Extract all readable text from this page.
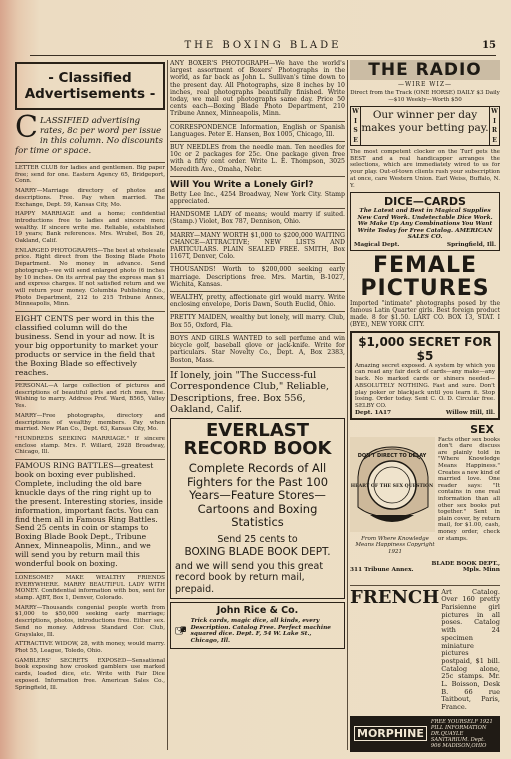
THE BOXING BLADE	15
- Classified Advertisements -
C LASSIFIED advertising rates, 8c per word per issue in this column. No discounts for time or space.
LETTER CLUB for ladies and gentlemen. Big paper free; send for one. Eastern Agency 65, Bridgeport, Conn.
MARRY—Marriage directory of photos and descriptions. Free. Pay when married. The Exchange, Dept. 59, Kansas City, Mo.
HAPPY MARRIAGE and a home; confidential introductions free to ladies and sincere men; wealthy. If sincere write me. Reliable, established 19 years; Bank references. Mrs. Wrubel, Box 26, Oakland, Calif.
ENLARGED PHOTOGRAPHS—The best at wholesale price. Right direct from the Boxing Blade Photo Department. No money in advance. Send photograph—we will send enlarged photo (6 inches by 10 inches. On its arrival pay the express man $1 and express charges. If not satisfied return and we will return your money. Columbia Publishing Co., Photo Department, 212 to 215 Tribune Annex, Minneapolis, Minn.
EIGHT CENTS per word in this the classified column will do the business. Send in your ad now. It is your big opportunity to market your products or service in the field that the Boxing Blade so effectively reaches.
PERSONAL—A large collection of pictures and descriptions of beautiful girls and rich men, free. Wishing to marry. Address Prof. Ward, B565, Valley Yes.
MARRY—Free photographs, directory and descriptions of wealthy members. Pay when married. New Plan Co., Dept. 63, Kansas City, Mo.
"HUNDREDS SEEKING MARRIAGE." If sincere enclose stamp. Mrs. F. Willard, 2928 Broadway, Chicago, Ill.
FAMOUS RING BATTLES—greatest book on boxing ever published. Complete, including the old bare knuckle days of the ring right up to the present. Interesting stories, inside information, important facts. You can find them all in Famous Ring Battles. Send 25 cents in coin or stamps to Boxing Blade Book Dept., Tribune Annex, Minneapolis, Minn., and we will send you by return mail this wonderful book on boxing.
LONESOME? MAKE WEALTHY FRIENDS EVERYWHERE. MARRY BEAUTIFUL LADY WITH MONEY. Confidential information with box, sent for stamp. AJBT, Box 1, Denver, Colorado.
MARRY—Thousands congenial people worth from $1,000 to $50,000 seeking early marriage; descriptions, photos, introductions free. Either sex. Send no money. Address Standard Cor. Club, Grayslake, Ill.
ATTRACTIVE WIDOW, 28, with money, would marry. Phot 55, League, Toledo, Ohio.
GAMBLERS' SECRETS EXPOSED—Sensational book exposing how crooked gamblers use marked cards, loaded dice, etc. Write with Fair Dice exposed. Information free. American Sales Co., Springfield, Ill.
ANY BOXER'S PHOTOGRAPH—We have the world's largest assortment of Boxers' Photographs in the world, as far back as John L. Sullivan's time down to the present day. All Photographs, size 8 inches by 10 inches, real photographs beautifully finished. Write today, we mail out photographs same day. Price 50 cents each—Boxing Blade Photo Department, 210 Tribune Annex, Minneapolis, Minn.
CORRESPONDENCE Information, English or Spanish Languages. Peter E. Hansen, Box 1005, Chicago, Ill.
BUY NEEDLES from the needle man. Ten needles for 10c or 2 packages for 25c. One package given free with a fifty cent order. Write L. E. Thompson, 3025 Meredith Ave., Omaha, Nebr.
Will You Write a Lonely Girl?
Betty Lee Inc., 4254 Broadway, New York City. Stamp appreciated.
HANDSOME LADY of means; would marry if suited. (Stamp.) Violet, Box 787, Dennison, Ohio.
MARRY—MANY WORTH $1,000 to $200,000 WAITING CHANCE—ATTRACTIVE; NEW LISTS AND PARTICULARS. PLAIN SEALED FREE. SMITH, Box 1167T, Denver, Colo.
THOUSANDS! Worth to $200,000 seeking early marriage. Descriptions free. Mrs. Martin, B-1027, Wichita, Kansas.
WEALTHY, pretty, affectionate girl would marry. Write enclosing envelope, Doris Dawn, South Euclid, Ohio.
PRETTY MAIDEN, wealthy but lonely, will marry. Club, Box 55, Oxford, Fla.
BOYS AND GIRLS WANTED to sell perfume and win bicycle golf, baseball glove or jack-knife. Write for particulars. Star Novelty Co., Dept. A, Box 2383, Boston, Mass.
If lonely, join "The Success-ful Correspondence Club," Reliable, Descriptions, free. Box 556, Oakland, Calif.
EVERLAST
RECORD BOOK
Complete Records of All Fighters for the Past 100 Years—Feature Stores—Cartoons and Boxing Statistics
Send 25 cents to
BOXING BLADE BOOK DEPT.
and we will send you this great record book by return mail, prepaid.
John Rice & Co.
Trick cards, magic dice, all kinds, every Description. Catalog Free. Perfect machine squared dice. Dept. F, 54 W. Lake St., Chicago, Ill.
THE RADIO
—WIRE WIZ—
Direct from the Track (ONE HORSE) DAILY $3 Daily—$10 Weekly—Worth $50
W
I
S
E
Our winner per day makes your betting pay.
W
I
R
E
The most competent clocker on the Turf gets the BEST and a real handicapper arranges the selections, which are immediately wired to us for your play. Out-of-town clients rush your subscription at once, care Western Union. Earl Weiss, Buffalo, N. Y.
DICE—CARDS
The Latest and Best in Magical Supplies New Card Work. Undetectable Dice Work. We Make Up Any Combinations You Want Write Today for Free Catalog. AMERICAN SALES CO.
Magical Dept.	Springfield, Ill.
FEMALE PICTURES
Imported "intimate" photographs posed by the famous Latin Quarter girls. Best foreign product made. 8 for $1.50. LART CO. BOX 13, STAT. I (BYE), NEW YORK CITY.
$1,000 SECRET FOR $5
Amazing secret exposed. A system by which you can read any fair deck of cards—any make—any back. No marked cards or shiners needed—ABSOLUTELY NOTHING. Fast and sure. Don't play poker or blackjack until you learn it. Stop losing. Order today. Sent C. O. D. Circular free. SELBY CO.
Dept. 1A17	Willow Hill, Ill.
SEX
DON'T DIRECT TO DELAY
HEART OF THE SEX QUESTION
Facts other sex books don't dare discuss are plainly told in "Where Knowledge Means Happiness." Creates a new kind of married love. One reader says: "It contains in one real information than all other sex books put together." Sent in plain cover, by return mail, for $1.00, cash, money order, check or stamps.
From Where Knowledge Means Happiness Copyright 1921
BLADE BOOK DEPT.,
311 Tribune Annex.	Mpls. Minn
FRENCH Art Catalog. Over 160 pretty Parisienne girl pictures in all poses. Catalog with 24 specimen miniature pictures postpaid, $1 bill. Catalog alone, 25c stamps. Mr. L. Boisson, Desk B. 66 rue Taitbout, Paris, France.
MORPHINE
FREE YOURSELF 1921 PILL INFORMATION DR.QUAYLE SANITARIUM. Dept. 906 MADISON,OHIO
